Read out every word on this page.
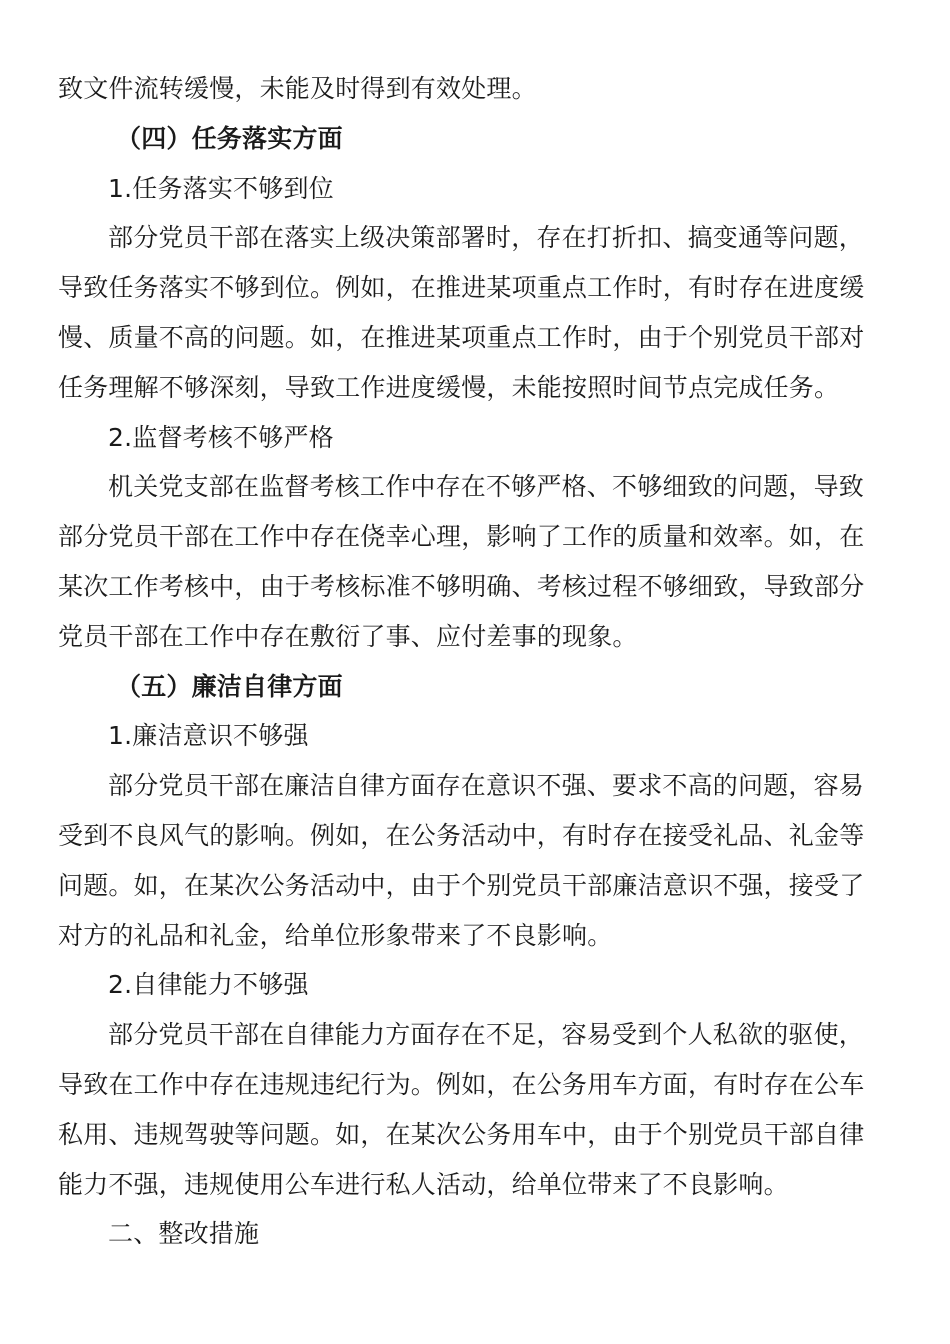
致文件流转缓慢，未能及时得到有效处理。
（四）任务落实方面
1.任务落实不够到位
部分党员干部在落实上级决策部署时，存在打折扣、搞变通等问题，
导致任务落实不够到位。例如，在推进某项重点工作时，有时存在进度缓
慢、质量不高的问题。如，在推进某项重点工作时，由于个别党员干部对
任务理解不够深刻，导致工作进度缓慢，未能按照时间节点完成任务。
2.监督考核不够严格
机关党支部在监督考核工作中存在不够严格、不够细致的问题，导致
部分党员干部在工作中存在侥幸心理，影响了工作的质量和效率。如，在
某次工作考核中，由于考核标准不够明确、考核过程不够细致，导致部分
党员干部在工作中存在敷衍了事、应付差事的现象。
（五）廉洁自律方面
1.廉洁意识不够强
部分党员干部在廉洁自律方面存在意识不强、要求不高的问题，容易
受到不良风气的影响。例如，在公务活动中，有时存在接受礼品、礼金等
问题。如，在某次公务活动中，由于个别党员干部廉洁意识不强，接受了
对方的礼品和礼金，给单位形象带来了不良影响。
2.自律能力不够强
部分党员干部在自律能力方面存在不足，容易受到个人私欲的驱使，
导致在工作中存在违规违纪行为。例如，在公务用车方面，有时存在公车
私用、违规驾驶等问题。如，在某次公务用车中，由于个别党员干部自律
能力不强，违规使用公车进行私人活动，给单位带来了不良影响。
二、整改措施
